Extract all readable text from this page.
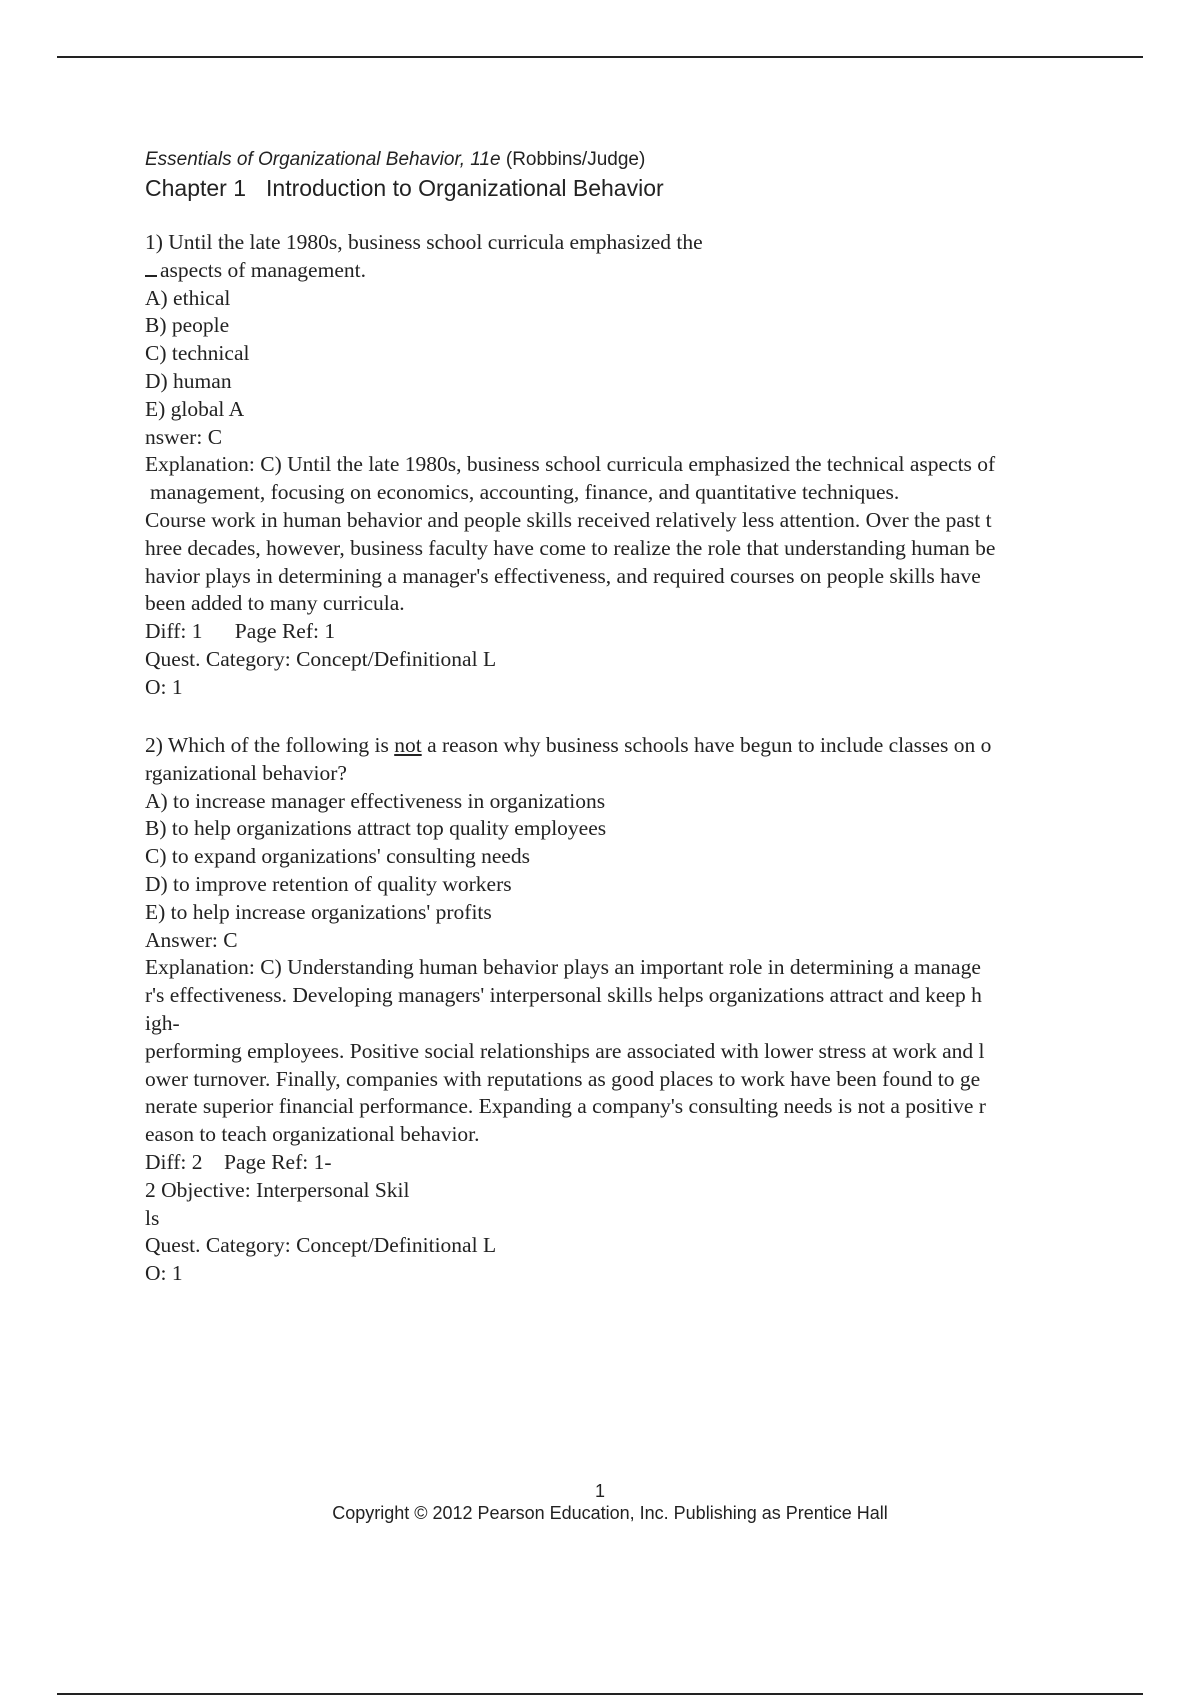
Essentials of Organizational Behavior, 11e (Robbins/Judge)
Chapter 1 Introduction to Organizational Behavior
1) Until the late 1980s, business school curricula emphasized the
aspects of management.
A) ethical
B) people
C) technical
D) human
E) global A
nswer: C
Explanation: C) Until the late 1980s, business school curricula emphasized the technical aspects of
management, focusing on economics, accounting, finance, and quantitative techniques.
Course work in human behavior and people skills received relatively less attention. Over the past t
hree decades, however, business faculty have come to realize the role that understanding human be
havior plays in determining a manager's effectiveness, and required courses on people skills have
been added to many curricula.
Diff: 1 Page Ref: 1
Quest. Category: Concept/Definitional L
O: 1
2) Which of the following is not a reason why business schools have begun to include classes on o
rganizational behavior?
A) to increase manager effectiveness in organizations
B) to help organizations attract top quality employees
C) to expand organizations' consulting needs
D) to improve retention of quality workers
E) to help increase organizations' profits
Answer: C
Explanation: C) Understanding human behavior plays an important role in determining a manage
r's effectiveness. Developing managers' interpersonal skills helps organizations attract and keep h
igh-
performing employees. Positive social relationships are associated with lower stress at work and l
ower turnover. Finally, companies with reputations as good places to work have been found to ge
nerate superior financial performance. Expanding a company's consulting needs is not a positive r
eason to teach organizational behavior.
Diff: 2 Page Ref: 1-
2 Objective: Interpersonal Skil
ls
Quest. Category: Concept/Definitional L
O: 1
1
Copyright © 2012 Pearson Education, Inc. Publishing as Prentice Hall
